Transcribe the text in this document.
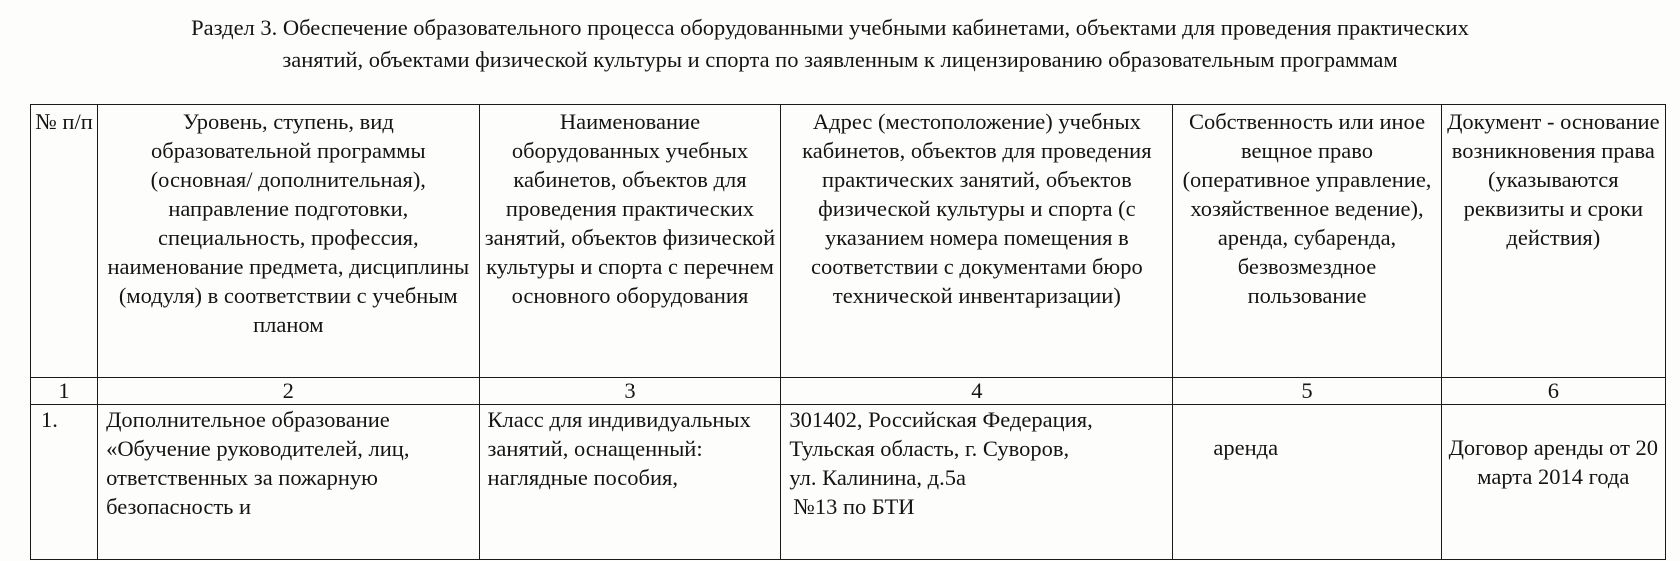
Раздел 3. Обеспечение образовательного процесса оборудованными учебными кабинетами, объектами для проведения практических
занятий, объектами физической культуры и спорта по заявленным к лицензированию образовательным программам
№ п/п	Уровень, ступень, вид образовательной программы (основная/ дополнительная), направление подготовки, специальность, профессия, наименование предмета, дисциплины (модуля) в соответствии с учебным планом	Наименование оборудованных учебных кабинетов, объектов для проведения практических занятий, объектов физической культуры и спорта с перечнем основного оборудования	Адрес (местоположение) учебных кабинетов, объектов для проведения практических занятий, объектов физической культуры и спорта (с указанием номера помещения в соответствии с документами бюро технической инвентаризации)	Собственность или иное вещное право (оперативное управление, хозяйственное ведение), аренда, субаренда, безвозмездное пользование	Документ - основание возникновения права (указываются реквизиты и сроки действия)
1	2	3	4	5	6
1.	Дополнительное образование «Обучение руководителей, лиц, ответственных за пожарную безопасность и	Класс для индивидуальных занятий, оснащенный: наглядные пособия,	301402, Российская Федерация,
Тульская область, г. Суворов,
ул. Калинина, д.5а
№13 по БТИ	аренда	Договор аренды от 20 марта 2014 года
